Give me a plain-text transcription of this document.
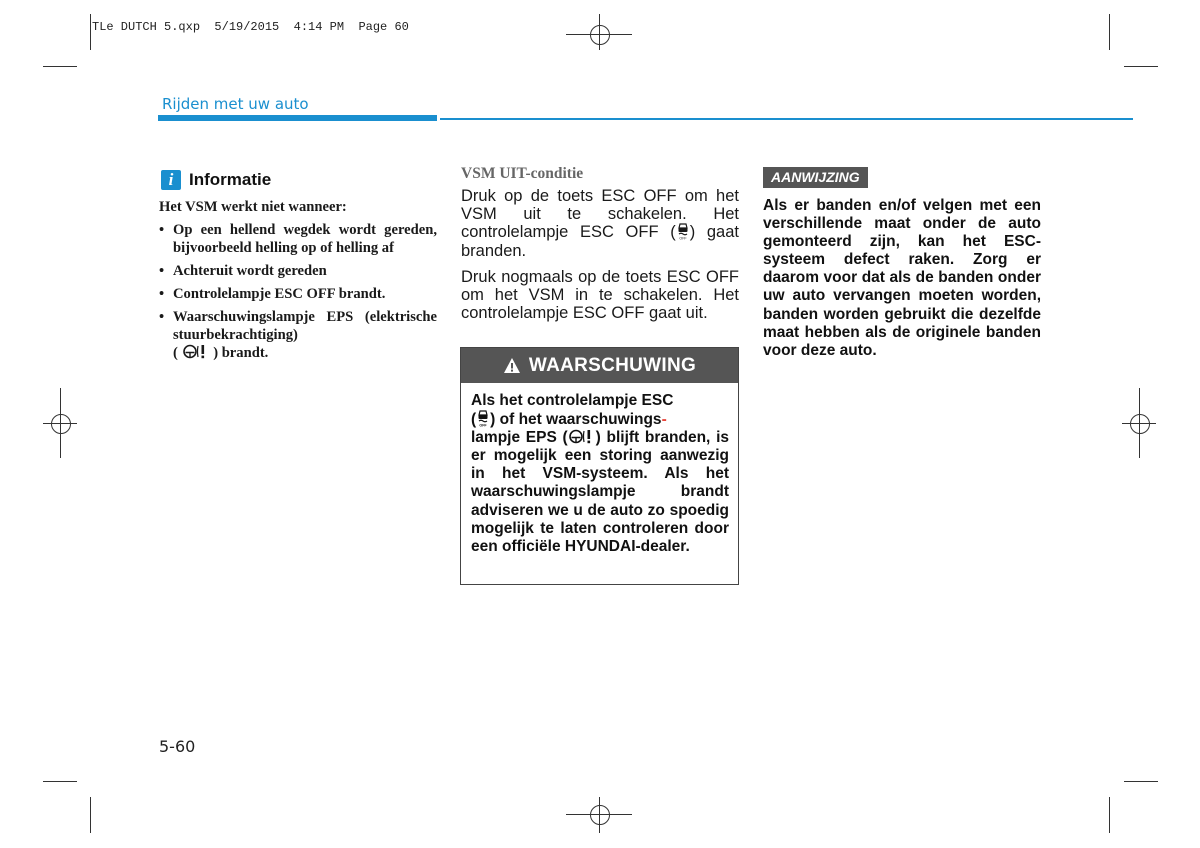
TLe DUTCH 5.qxp  5/19/2015  4:14 PM  Page 60
Rijden met uw auto
i Informatie
Het VSM werkt niet wanneer:
• Op een hellend wegdek wordt gereden, bijvoorbeeld helling op of helling af
• Achteruit wordt gereden
• Controlelampje ESC OFF brandt.
• Waarschuwingslampje EPS (elektrische stuurbekrachtiging)
( ) brandt.
VSM UIT-conditie

Druk op de toets ESC OFF om het VSM uit te schakelen. Het controlelampje ESC OFF ( OFF ) gaat branden.

Druk nogmaals op de toets ESC OFF om het VSM in te schakelen. Het controlelampje ESC OFF gaat uit.

WAARSCHUWING
Als het controlelampje ESC
( OFF ) of het waarschuwings-
lampje EPS ( ) blijft branden, is er mogelijk een storing aanwezig in het VSM-systeem. Als het waarschuwingslampje brandt adviseren we u de auto zo spoedig mogelijk te laten controleren door een officiële HYUNDAI-dealer.
AANWIJZING
Als er banden en/of velgen met een verschillende maat onder de auto gemonteerd zijn, kan het ESC-systeem defect raken. Zorg er daarom voor dat als de banden onder uw auto vervangen moeten worden, banden worden gebruikt die dezelfde maat hebben als de originele banden voor deze auto.
5-60
